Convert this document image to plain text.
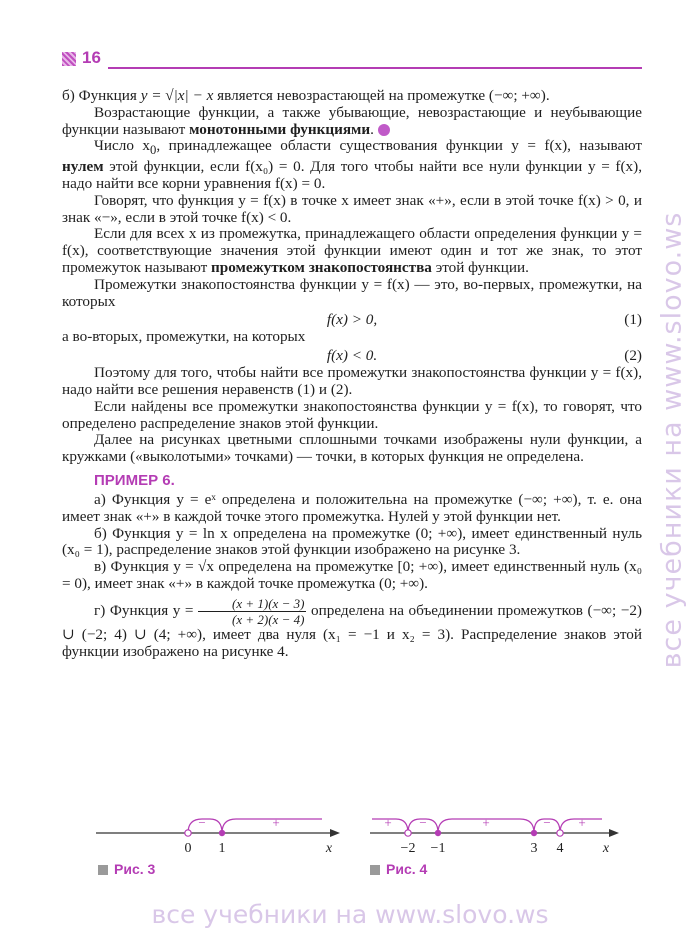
16

б) Функция y = √|x| − x является невозрастающей на промежутке (−∞; +∞).

Возрастающие функции, а также убывающие, невозрастающие и неубывающие функции называют монотонными функциями.

Число $x_0$, принадлежащее области существования функции y = f(x), называют нулем этой функции, если f(x₀) = 0. Для того чтобы найти все нули функции y = f(x), надо найти все корни уравнения f(x) = 0.

Говорят, что функция y = f(x) в точке x имеет знак «+», если в этой точке f(x) > 0, и знак «−», если в этой точке f(x) < 0.

Если для всех x из промежутка, принадлежащего области определения функции y = f(x), соответствующие значения этой функции имеют один и тот же знак, то этот промежуток называют промежутком знакопостоянства этой функции.

Промежутки знакопостоянства функции y = f(x) — это, во-первых, промежутки, на которых

f(x) > 0,	(1)

а во-вторых, промежутки, на которых

f(x) < 0.	(2)

Поэтому для того, чтобы найти все промежутки знакопостоянства функции y = f(x), надо найти все решения неравенств (1) и (2).

Если найдены все промежутки знакопостоянства функции y = f(x), то говорят, что определено распределение знаков этой функции.

Далее на рисунках цветными сплошными точками изображены нули функции, а кружками («выколотыми» точками) — точки, в которых функция не определена.

ПРИМЕР 6.

а) Функция y = eˣ определена и положительна на промежутке (−∞; +∞), т. е. она имеет знак «+» в каждой точке этого промежутка. Нулей у этой функции нет.

б) Функция y = ln x определена на промежутке (0; +∞), имеет единственный нуль (x₀ = 1), распределение знаков этой функции изображено на рисунке 3.

в) Функция y = √x определена на промежутке [0; +∞), имеет единственный нуль (x₀ = 0), имеет знак «+» в каждой точке промежутка (0; +∞).

г) Функция $y = \frac{(x + 1)(x - 3)}{(x + 2)(x - 4)}$ определена на объединении промежутков (−∞; −2) ∪ (−2; 4) ∪ (4; +∞), имеет два нуля (x₁ = −1 и x₂ = 3). Распределение знаков этой функции изображено на рисунке 4.

−	+
0 1	x
Рис. 3
+ −	+	− +
−2 −1	3 4	x
Рис. 4
все учебники на www.slovo.ws
все учебники на www.slovo.ws
